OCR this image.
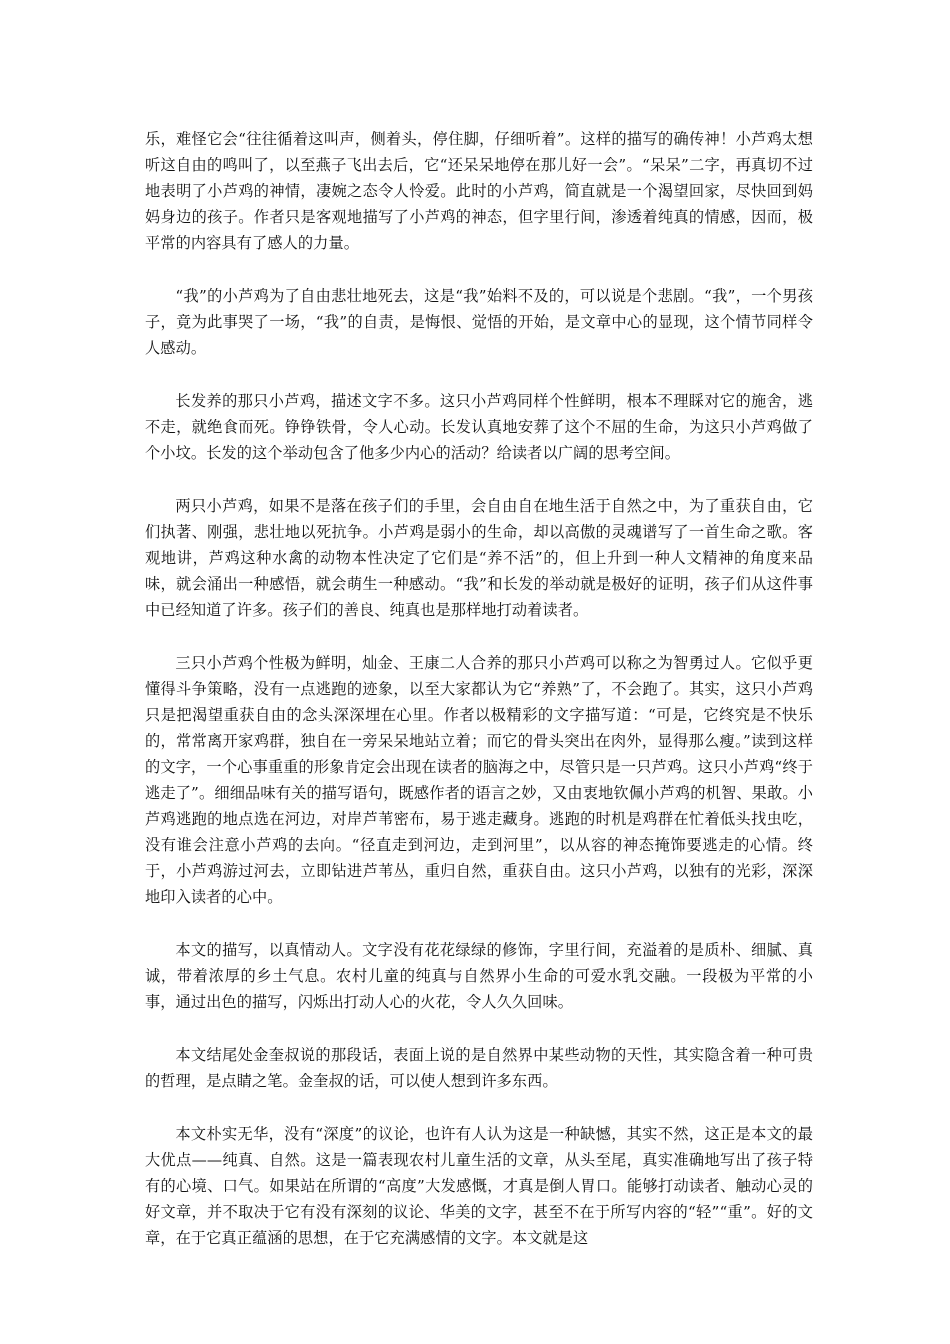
乐，难怪它会“往往循着这叫声，侧着头，停住脚，仔细听着”。这样的描写的确传神！小芦鸡太想听这自由的鸣叫了，以至燕子飞出去后，它“还呆呆地停在那儿好一会”。“呆呆”二字，再真切不过地表明了小芦鸡的神情，凄婉之态令人怜爱。此时的小芦鸡，简直就是一个渴望回家，尽快回到妈妈身边的孩子。作者只是客观地描写了小芦鸡的神态，但字里行间，渗透着纯真的情感，因而，极平常的内容具有了感人的力量。

“我”的小芦鸡为了自由悲壮地死去，这是“我”始料不及的，可以说是个悲剧。“我”，一个男孩子，竟为此事哭了一场，“我”的自责，是悔恨、觉悟的开始，是文章中心的显现，这个情节同样令人感动。

长发养的那只小芦鸡，描述文字不多。这只小芦鸡同样个性鲜明，根本不理睬对它的施舍，逃不走，就绝食而死。铮铮铁骨，令人心动。长发认真地安葬了这个不屈的生命，为这只小芦鸡做了个小坟。长发的这个举动包含了他多少内心的活动？给读者以广阔的思考空间。

两只小芦鸡，如果不是落在孩子们的手里，会自由自在地生活于自然之中，为了重获自由，它们执著、刚强，悲壮地以死抗争。小芦鸡是弱小的生命，却以高傲的灵魂谱写了一首生命之歌。客观地讲，芦鸡这种水禽的动物本性决定了它们是“养不活”的，但上升到一种人文精神的角度来品味，就会涌出一种感悟，就会萌生一种感动。“我”和长发的举动就是极好的证明，孩子们从这件事中已经知道了许多。孩子们的善良、纯真也是那样地打动着读者。

三只小芦鸡个性极为鲜明，灿金、王康二人合养的那只小芦鸡可以称之为智勇过人。它似乎更懂得斗争策略，没有一点逃跑的迹象，以至大家都认为它“养熟”了，不会跑了。其实，这只小芦鸡只是把渴望重获自由的念头深深埋在心里。作者以极精彩的文字描写道：“可是，它终究是不快乐的，常常离开家鸡群，独自在一旁呆呆地站立着；而它的骨头突出在肉外，显得那么瘦。”读到这样的文字，一个心事重重的形象肯定会出现在读者的脑海之中，尽管只是一只芦鸡。这只小芦鸡“终于逃走了”。细细品味有关的描写语句，既感作者的语言之妙，又由衷地钦佩小芦鸡的机智、果敢。小芦鸡逃跑的地点选在河边，对岸芦苇密布，易于逃走藏身。逃跑的时机是鸡群在忙着低头找虫吃，没有谁会注意小芦鸡的去向。“径直走到河边，走到河里”，以从容的神态掩饰要逃走的心情。终于，小芦鸡游过河去，立即钻进芦苇丛，重归自然，重获自由。这只小芦鸡，以独有的光彩，深深地印入读者的心中。

本文的描写，以真情动人。文字没有花花绿绿的修饰，字里行间，充溢着的是质朴、细腻、真诚，带着浓厚的乡土气息。农村儿童的纯真与自然界小生命的可爱水乳交融。一段极为平常的小事，通过出色的描写，闪烁出打动人心的火花，令人久久回味。

本文结尾处金奎叔说的那段话，表面上说的是自然界中某些动物的天性，其实隐含着一种可贵的哲理，是点睛之笔。金奎叔的话，可以使人想到许多东西。

本文朴实无华，没有“深度”的议论，也许有人认为这是一种缺憾，其实不然，这正是本文的最大优点——纯真、自然。这是一篇表现农村儿童生活的文章，从头至尾，真实准确地写出了孩子特有的心境、口气。如果站在所谓的“高度”大发感慨，才真是倒人胃口。能够打动读者、触动心灵的好文章，并不取决于它有没有深刻的议论、华美的文字，甚至不在于所写内容的“轻”“重”。好的文章，在于它真正蕴涵的思想，在于它充满感情的文字。本文就是这
